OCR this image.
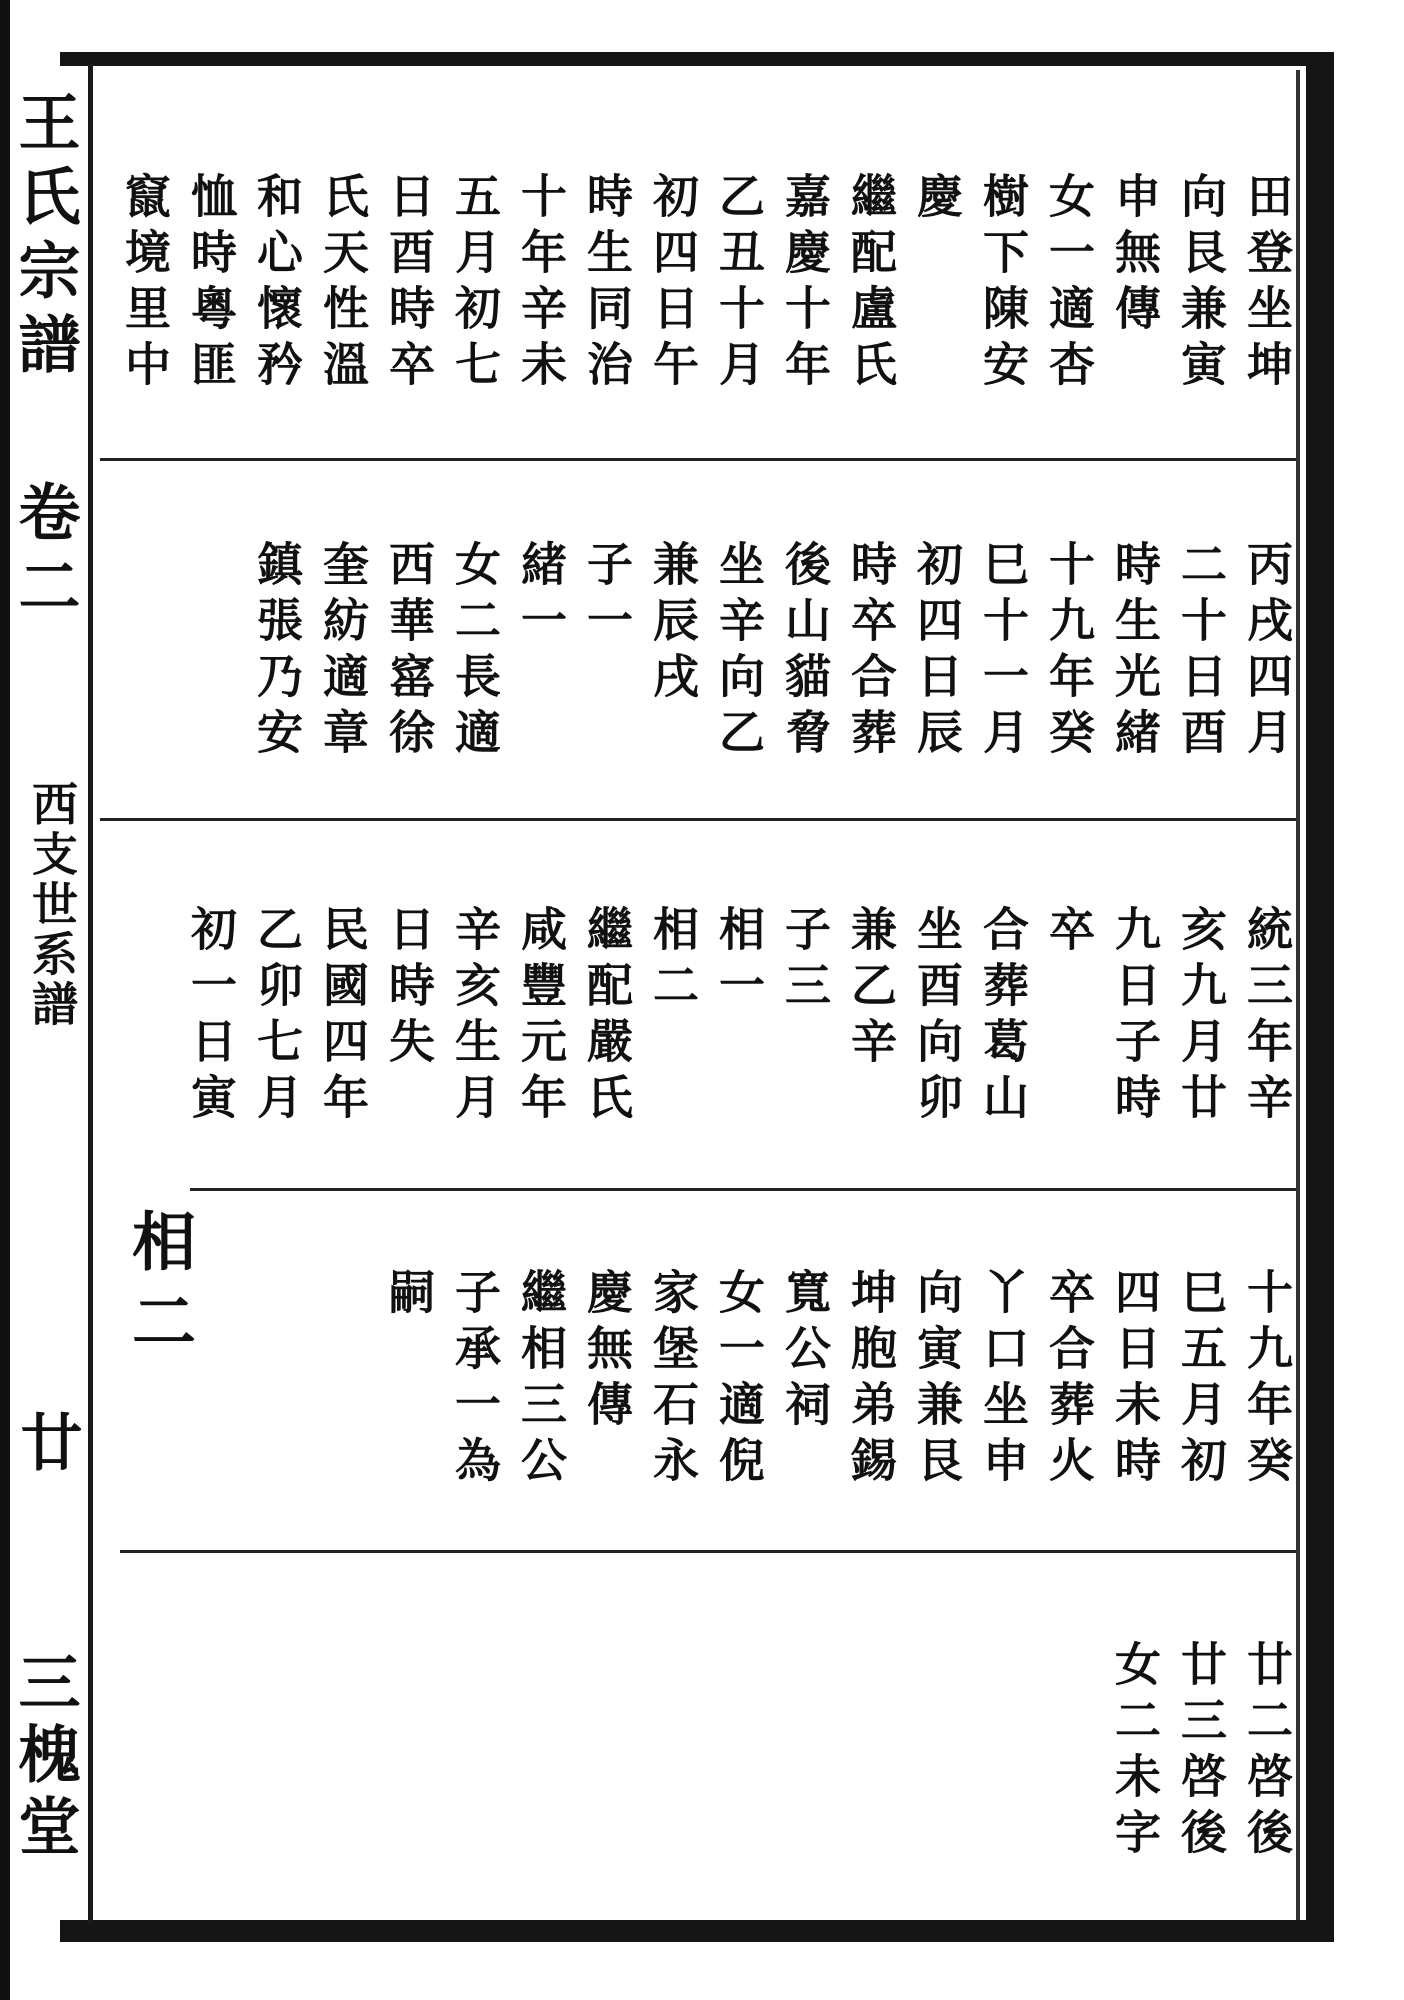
王氏宗譜
卷二
西支世系譜
廿
三槐堂
田登坐坤
向艮兼寅
申無傳
女一適杏
樹下陳安
慶
繼配盧氏
嘉慶十年
乙丑十月
初四日午
時生同治
十年辛未
五月初七
日酉時卒
氏天性溫
和心懷矜
恤時粵匪
竄境里中
丙戌四月
二十日酉
時生光緒
十九年癸
巳十一月
初四日辰
時卒合葬
後山貓脅
坐辛向乙
兼辰戌
子一
緒一
女二長適
西華窰徐
奎紡適章
鎮張乃安
統三年辛
亥九月廿
九日子時
卒
合葬葛山
坐酉向卯
兼乙辛
子三
相一
相二
繼配嚴氏
咸豐元年
辛亥生月
日時失
民國四年
乙卯七月
初一日寅
相二	十九年癸
巳五月初
四日未時
卒合葬火
丫口坐申
向寅兼艮
坤胞弟錫
寬公祠
女一適倪
家堡石永
慶無傳
繼相三公
子承一為
嗣
廿二啓後
廿三啓後
女二未字
